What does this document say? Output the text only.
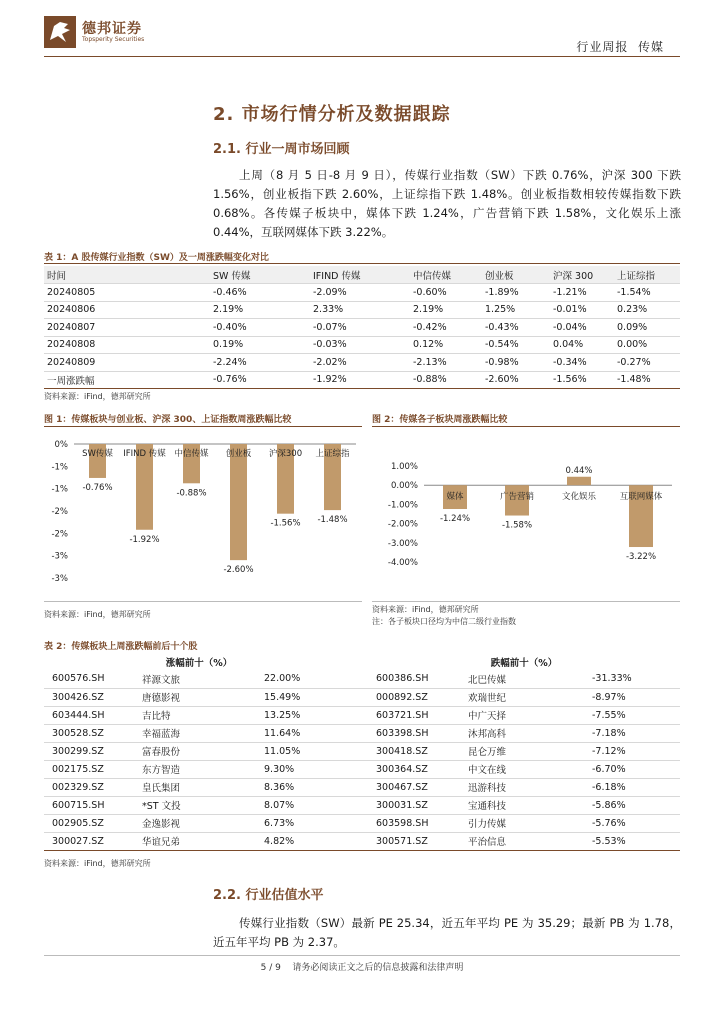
德邦证券
Topsperity Securities
行业周报  传媒
2. 市场行情分析及数据跟踪
2.1. 行业一周市场回顾
上周（8 月 5 日-8 月 9 日），传媒行业指数（SW）下跌 0.76%，沪深 300 下跌 1.56%，创业板指下跌 2.60%，上证综指下跌 1.48%。创业板指数相较传媒指数下跌 0.68%。各传媒子板块中，媒体下跌 1.24%，广告营销下跌 1.58%，文化娱乐上涨 0.44%，互联网媒体下跌 3.22%。
表 1：A 股传媒行业指数（SW）及一周涨跌幅变化对比
时间	SW 传媒	IFIND 传媒	中信传媒	创业板	沪深 300	上证综指
20240805	-0.46%	-2.09%	-0.60%	-1.89%	-1.21%	-1.54%
20240806	2.19%	2.33%	2.19%	1.25%	-0.01%	0.23%
20240807	-0.40%	-0.07%	-0.42%	-0.43%	-0.04%	0.09%
20240808	0.19%	-0.03%	0.12%	-0.54%	0.04%	0.00%
20240809	-2.24%	-2.02%	-2.13%	-0.98%	-0.34%	-0.27%
一周涨跌幅	-0.76%	-1.92%	-0.88%	-2.60%	-1.56%	-1.48%
资料来源：iFind，德邦研究所
图 1：传媒板块与创业板、沪深 300、上证指数周涨跌幅比较	图 2：传媒各子板块周涨跌幅比较
0%
-1%
-1%
-2%
-2%
-3%
-3%
SW传媒
-0.76%
IFIND 传媒
-1.92%
中信传媒
-0.88%
创业板
-2.60%
沪深300
-1.56%
上证综指
-1.48%
1.00%
0.00%
-1.00%
-2.00%
-3.00%
-4.00%
媒体
-1.24%
广告营销
-1.58%
文化娱乐
0.44%
互联网媒体
-3.22%
资料来源：iFind，德邦研究所
资料来源：iFind，德邦研究所
注：各子板块口径均为中信二级行业指数
表 2：传媒板块上周涨跌幅前后十个股
涨幅前十（%）				跌幅前十（%）		
600576.SH	祥源文旅	22.00%		600386.SH	北巴传媒	-31.33%
300426.SZ	唐德影视	15.49%		000892.SZ	欢瑞世纪	-8.97%
603444.SH	吉比特	13.25%		603721.SH	中广天择	-7.55%
300528.SZ	幸福蓝海	11.64%		603398.SH	沐邦高科	-7.18%
300299.SZ	富春股份	11.05%		300418.SZ	昆仑万维	-7.12%
002175.SZ	东方智造	9.30%		300364.SZ	中文在线	-6.70%
002329.SZ	皇氏集团	8.36%		300467.SZ	迅游科技	-6.18%
600715.SH	*ST 文投	8.07%		300031.SZ	宝通科技	-5.86%
002905.SZ	金逸影视	6.73%		603598.SH	引力传媒	-5.76%
300027.SZ	华谊兄弟	4.82%		300571.SZ	平治信息	-5.53%
资料来源：iFind，德邦研究所
2.2. 行业估值水平
传媒行业指数（SW）最新 PE 25.34，近五年平均 PE 为 35.29；最新 PB 为 1.78，近五年平均 PB 为 2.37。
5 / 9    请务必阅读正文之后的信息披露和法律声明
